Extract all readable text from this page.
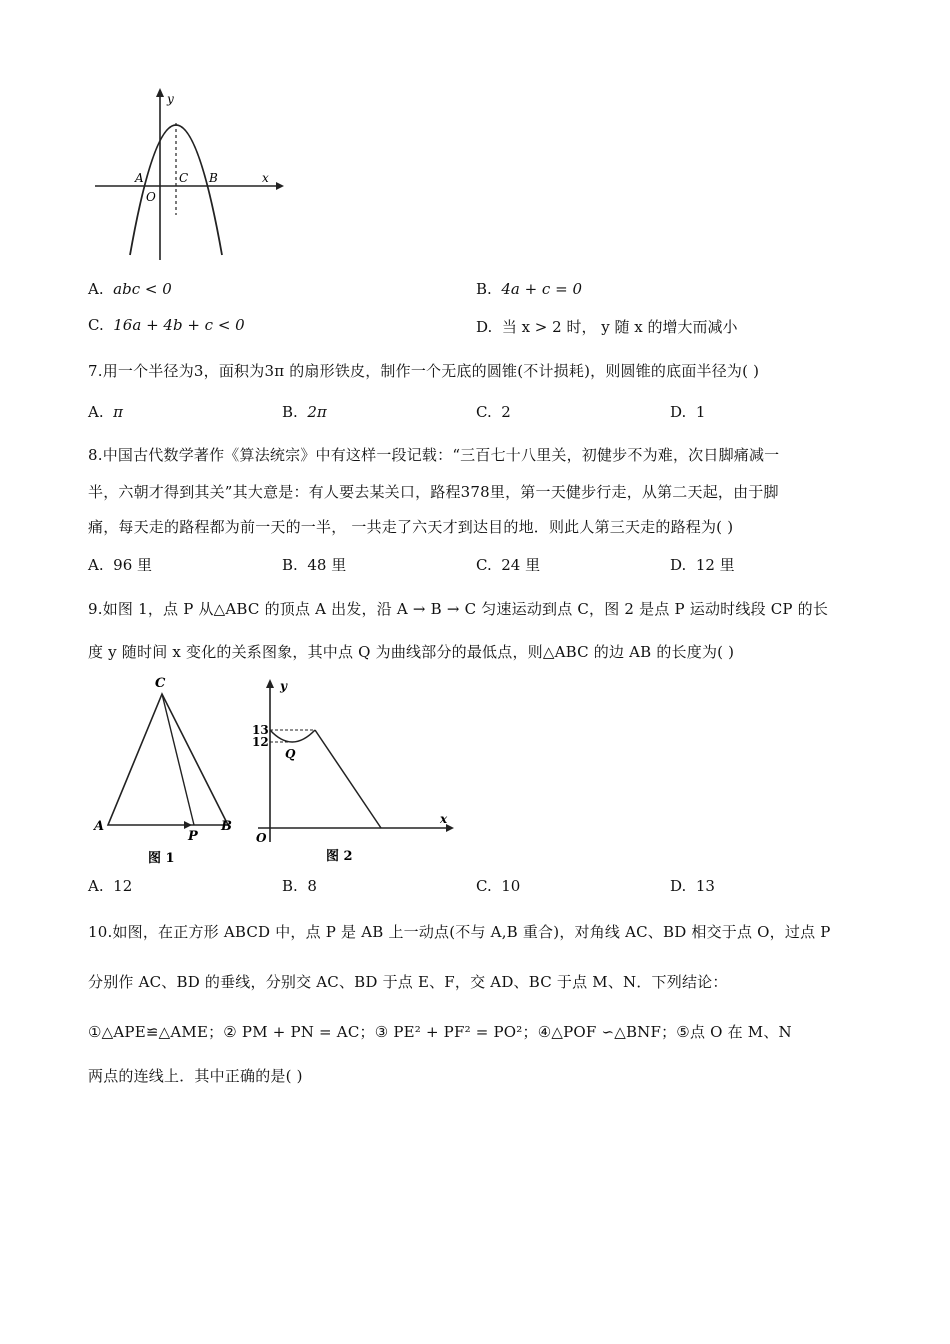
y
x
A
O
C B
A. abc < 0	B. 4a + c = 0
C. 16a + 4b + c < 0	D. 当 x > 2 时， y 随 x 的增大而减小
7.用一个半径为3，面积为3π 的扇形铁皮，制作一个无底的圆锥(不计损耗)，则圆锥的底面半径为( )
A. π	B. 2π	C. 2	D. 1
8.中国古代数学著作《算法统宗》中有这样一段记载：“三百七十八里关，初健步不为难，次日脚痛减一
半，六朝才得到其关”其大意是：有人要去某关口，路程378里，第一天健步行走，从第二天起，由于脚
痛，每天走的路程都为前一天的一半， 一共走了六天才到达目的地．则此人第三天走的路程为( )
A. 96 里	B. 48 里	C. 24 里	D. 12 里
9.如图 1，点 P 从△ABC 的顶点 A 出发，沿 A → B → C 匀速运动到点 C，图 2 是点 P 运动时线段 CP 的长
度 y 随时间 x 变化的关系图象，其中点 Q 为曲线部分的最低点，则△ABC 的边 AB 的长度为( )
C
A
P
B
图 1
y
x
O
Q
13
12
图 2
A. 12	B. 8	C. 10	D. 13
10.如图，在正方形 ABCD 中，点 P 是 AB 上一动点(不与 A,B 重合)，对角线 AC、BD 相交于点 O，过点 P
分别作 AC、BD 的垂线，分别交 AC、BD 于点 E、F，交 AD、BC 于点 M、N．下列结论：
①△APE≌△AME；② PM + PN = AC；③ PE² + PF² = PO²；④△POF ∽△BNF；⑤点 O 在 M、N
两点的连线上．其中正确的是( )
